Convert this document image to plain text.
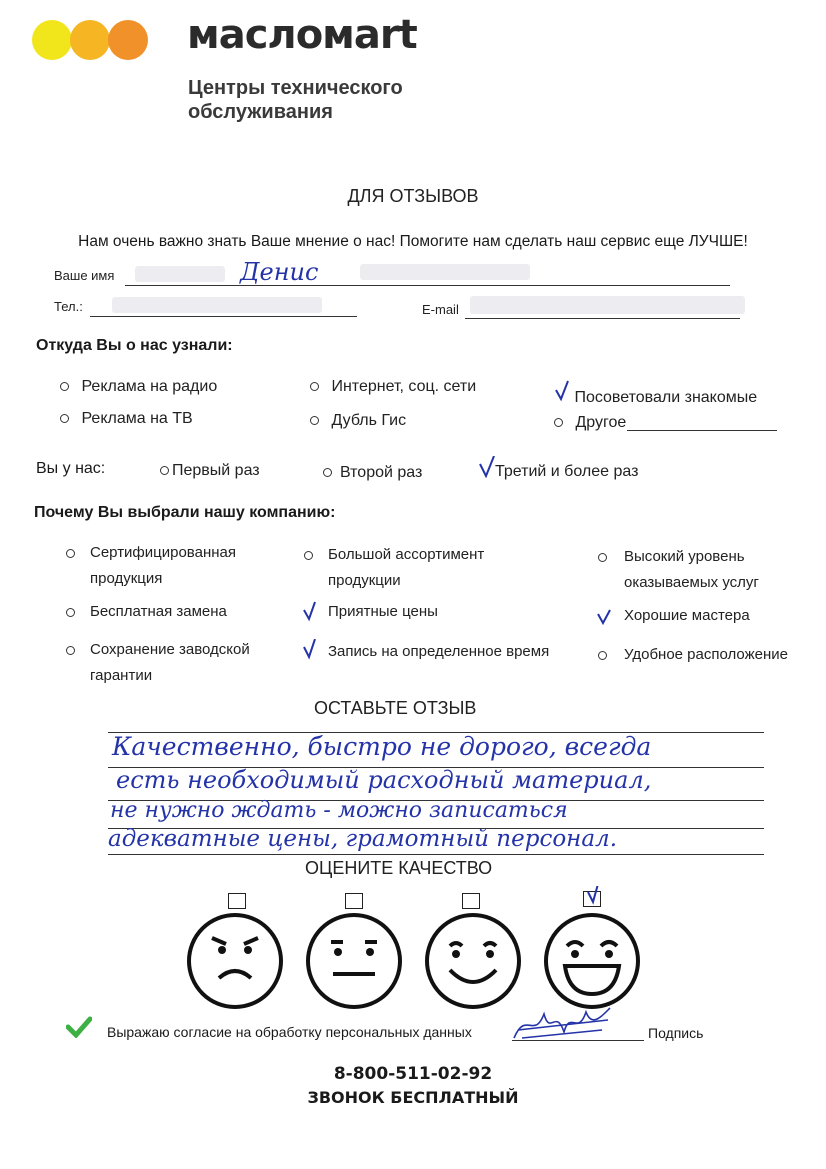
масломаrt
Центры технического
обслуживания
ДЛЯ ОТЗЫВОВ
Нам очень важно знать Ваше мнение о нас! Помогите нам сделать наш сервис еще ЛУЧШЕ!
Ваше имя	Денис
Тел.:	E-mail
Откуда Вы о нас узнали:
Реклама на радио	Интернет, соц. сети
Посоветовали знакомые
Реклама на ТВ	Дубль Гис	Другое
Вы у нас:	Первый раз	Второй раз	Третий и более раз
Почему Вы выбрали нашу компанию:
Сертифицированная
продукция
Большой ассортимент
продукции
Высокий уровень
оказываемых услуг
Бесплатная замена	Приятные цены	Хорошие мастера
Сохранение заводской
гарантии
Запись на определенное время	Удобное расположение
ОСТАВЬТЕ ОТЗЫВ
Качественно, быстро не дорого, всегда
есть необходимый расходный материал,
не нужно ждать - можно записаться
адекватные цены, грамотный персонал.
ОЦЕНИТЕ КАЧЕСТВО
Выражаю согласие на обработку персональных данных	Подпись
8-800-511-02-92
ЗВОНОК БЕСПЛАТНЫЙ
